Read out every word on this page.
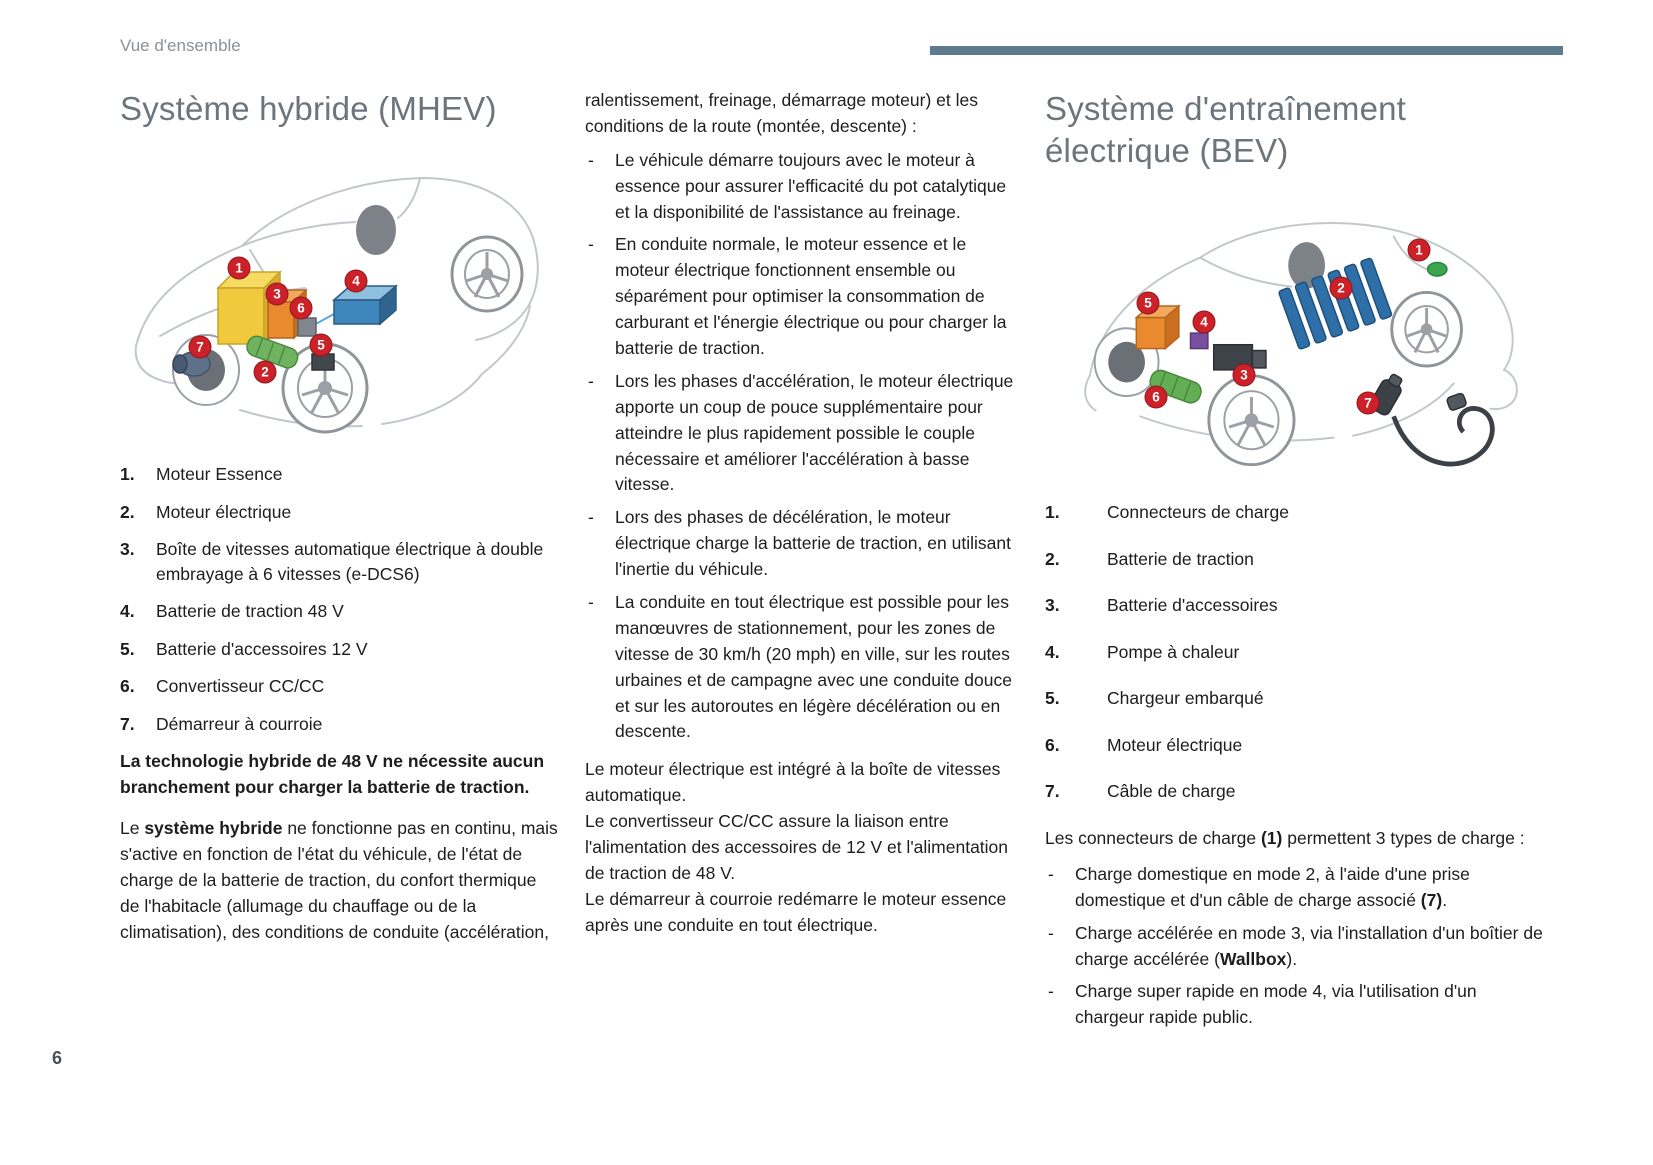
Vue d'ensemble
Système hybride (MHEV)
1
2
3
4
5
6
7
1.	Moteur Essence
2.	Moteur électrique
3.	Boîte de vitesses automatique électrique à double embrayage à 6 vitesses (e-DCS6)
4.	Batterie de traction 48 V
5.	Batterie d'accessoires 12 V
6.	Convertisseur CC/CC
7.	Démarreur à courroie

La technologie hybride de 48 V ne nécessite aucun branchement pour charger la batterie de traction.

Le système hybride ne fonctionne pas en continu, mais s'active en fonction de l'état du véhicule, de l'état de charge de la batterie de traction, du confort thermique de l'habitacle (allumage du chauffage ou de la climatisation), des conditions de conduite (accélération,

ralentissement, freinage, démarrage moteur) et les conditions de la route (montée, descente) :

-	Le véhicule démarre toujours avec le moteur à essence pour assurer l'efficacité du pot catalytique et la disponibilité de l'assistance au freinage.
-	En conduite normale, le moteur essence et le moteur électrique fonctionnent ensemble ou séparément pour optimiser la consommation de carburant et l'énergie électrique ou pour charger la batterie de traction.
-	Lors les phases d'accélération, le moteur électrique apporte un coup de pouce supplémentaire pour atteindre le plus rapidement possible le couple nécessaire et améliorer l'accélération à basse vitesse.
-	Lors des phases de décélération, le moteur électrique charge la batterie de traction, en utilisant l'inertie du véhicule.
-	La conduite en tout électrique est possible pour les manœuvres de stationnement, pour les zones de vitesse de 30 km/h (20 mph) en ville, sur les routes urbaines et de campagne avec une conduite douce et sur les autoroutes en légère décélération ou en descente.

Le moteur électrique est intégré à la boîte de vitesses automatique.

Le convertisseur CC/CC assure la liaison entre l'alimentation des accessoires de 12 V et l'alimentation de traction de 48 V.

Le démarreur à courroie redémarre le moteur essence après une conduite en tout électrique.

Système d'entraînement électrique (BEV)
1
2
3
4
5
6	7
1.	Connecteurs de charge
2.	Batterie de traction
3.	Batterie d'accessoires
4.	Pompe à chaleur
5.	Chargeur embarqué
6.	Moteur électrique
7.	Câble de charge

Les connecteurs de charge (1) permettent 3 types de charge :

-	Charge domestique en mode 2, à l'aide d'une prise domestique et d'un câble de charge associé (7).
-	Charge accélérée en mode 3, via l'installation d'un boîtier de charge accélérée (Wallbox).
-	Charge super rapide en mode 4, via l'utilisation d'un chargeur rapide public.
6
